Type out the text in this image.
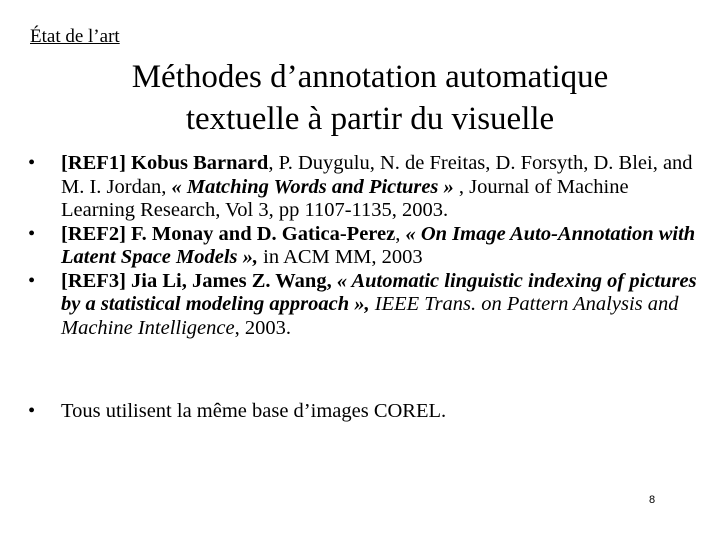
État de l’art
Méthodes d’annotation automatique
textuelle à partir du visuelle
• [REF1] Kobus Barnard, P. Duygulu, N. de Freitas, D. Forsyth, D. Blei, and M. I. Jordan, « Matching Words and Pictures » , Journal of Machine Learning Research, Vol 3, pp 1107-1135, 2003.
• [REF2] F. Monay and D. Gatica-Perez, « On Image Auto-Annotation with Latent Space Models », in ACM MM, 2003
• [REF3] Jia Li, James Z. Wang, « Automatic linguistic indexing of pictures by a statistical modeling approach », IEEE Trans. on Pattern Analysis and Machine Intelligence, 2003.
• Tous utilisent la même base d’images COREL.
8
